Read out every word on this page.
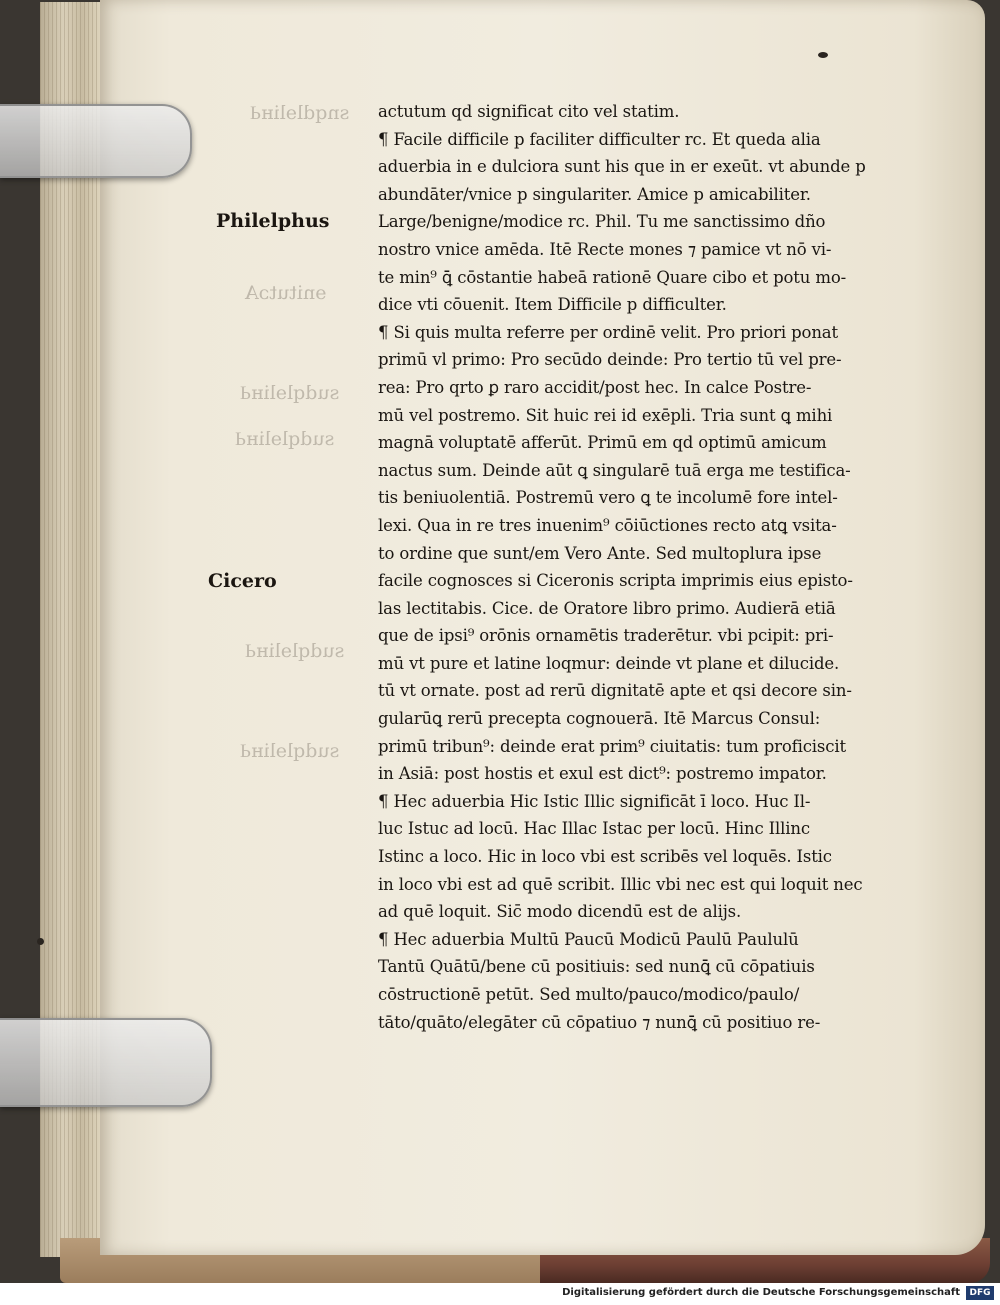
snqdlɘliʜԀ
ɘnitutɔA
sudqlɘliʜԀ
sudqlɘliʜԀ
sudqlɘliʜԀ
sudqlɘliʜԀ
Philelphus
Cicero
actutum qd significat cito vel statim.
¶ Facile difficile p faciliter difficulter rc. Et queda alia
aduerbia in e dulciora sunt his que in er exeūt. vt abunde p
abundāter/vnice p singulariter. Amice p amicabiliter.
Large/benigne/modice rc. Phil. Tu me sanctissimo dño
nostro vnice amēda. Itē Recte mones ⁊ pamice vt nō vi-
te min⁹ ꝗ̄ cōstantie habeā rationē Quare cibo et potu mo-
dice vti cōuenit. Item Difficile p difficulter.
¶ Si quis multa referre per ordinē velit. Pro priori ponat
primū vl primo: Pro secūdo deinde: Pro tertio tū vel pre-
rea: Pro qrto ꝑ raro accidit/post hec. In calce Postre-
mū vel postremo. Sit huic rei id exēpli. Tria sunt ꝗ mihi
magnā voluptatē afferūt. Primū em qd optimū amicum
nactus sum. Deinde aūt ꝗ singularē tuā erga me testifica-
tis beniuolentiā. Postremū vero ꝗ te incolumē fore intel-
lexi. Qua in re tres inuenim⁹ cōiūctiones recto atꝗ vsita-
to ordine que sunt/em Vero Ante. Sed multoplura ipse
facile cognosces si Ciceronis scripta imprimis eius episto-
las lectitabis. Cice. de Oratore libro primo. Audierā etiā
que de ipsi⁹ orōnis ornamētis traderētur. vbi pcipit: pri-
mū vt pure et latine loqmur: deinde vt plane et dilucide.
tū vt ornate. post ad rerū dignitatē apte et qsi decore sin-
gularūꝗ rerū precepta cognouerā. Itē Marcus Consul:
primū tribun⁹: deinde erat prim⁹ ciuitatis: tum proficiscit
in Asiā: post hostis et exul est dict⁹: postremo impator.
¶ Hec aduerbia Hic Istic Illic significāt ī loco. Huc Il-
luc Istuc ad locū. Hac Illac Istac per locū. Hinc Illinc
Istinc a loco. Hic in loco vbi est scribēs vel loquēs. Istic
in loco vbi est ad quē scribit. Illic vbi nec est qui loquit nec
ad quē loquit. Sic̄ modo dicendū est de alijs.
¶ Hec aduerbia Multū Paucū Modicū Paulū Paululū
Tantū Quātū/bene cū positiuis: sed nunꝗ̄ cū cōpatiuis
cōstructionē petūt. Sed multo/pauco/modico/paulo/
tāto/quāto/elegāter cū cōpatiuo ⁊ nunꝗ̄ cū positiuo re-
Digitalisierung gefördert durch die Deutsche Forschungsgemeinschaft	DFG
